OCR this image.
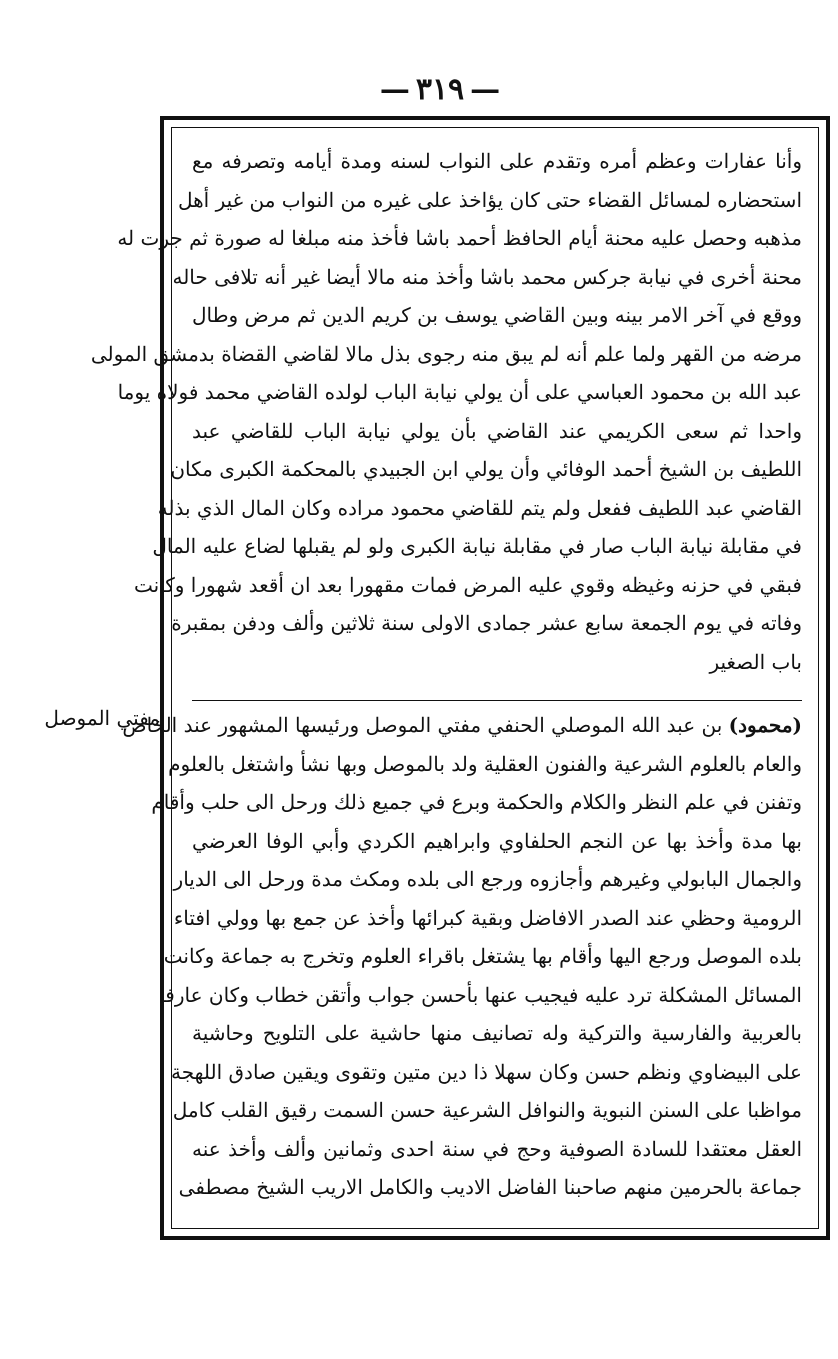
— ٣١٩ —
مفتي الموصل
وأنا عفارات وعظم أمره وتقدم على النواب لسنه ومدة أيامه وتصرفه مع
استحضاره لمسائل القضاء حتى كان يؤاخذ على غيره من النواب من غير أهل
مذهبه وحصل عليه محنة أيام الحافظ أحمد باشا فأخذ منه مبلغا له صورة ثم جرت له
محنة أخرى في نيابة جركس محمد باشا وأخذ منه مالا أيضا غير أنه تلافى حاله
ووقع في آخر الامر بينه وبين القاضي يوسف بن كريم الدين ثم مرض وطال
مرضه من القهر ولما علم أنه لم يبق منه رجوى بذل مالا لقاضي القضاة بدمشق المولى
عبد الله بن محمود العباسي على أن يولي نيابة الباب لولده القاضي محمد فولاه يوما
واحدا ثم سعى الكريمي عند القاضي بأن يولي نيابة الباب للقاضي عبد
اللطيف بن الشيخ أحمد الوفائي وأن يولي ابن الجبيدي بالمحكمة الكبرى مكان
القاضي عبد اللطيف ففعل ولم يتم للقاضي محمود مراده وكان المال الذي بذله
في مقابلة نيابة الباب صار في مقابلة نيابة الكبرى ولو لم يقبلها لضاع عليه المال
فبقي في حزنه وغيظه وقوي عليه المرض فمات مقهورا بعد ان أقعد شهورا وكانت
وفاته في يوم الجمعة سابع عشر جمادى الاولى سنة ثلاثين وألف ودفن بمقبرة
باب الصغير
(محمود) بن عبد الله الموصلي الحنفي مفتي الموصل ورئيسها المشهور عند الخاص
والعام بالعلوم الشرعية والفنون العقلية ولد بالموصل وبها نشأ واشتغل بالعلوم
وتفنن في علم النظر والكلام والحكمة وبرع في جميع ذلك ورحل الى حلب وأقام
بها مدة وأخذ بها عن النجم الحلفاوي وابراهيم الكردي وأبي الوفا العرضي
والجمال البابولي وغيرهم وأجازوه ورجع الى بلده ومكث مدة ورحل الى الديار
الرومية وحظي عند الصدر الافاضل وبقية كبرائها وأخذ عن جمع بها وولي افتاء
بلده الموصل ورجع اليها وأقام بها يشتغل باقراء العلوم وتخرج به جماعة وكانت
المسائل المشكلة ترد عليه فيجيب عنها بأحسن جواب وأتقن خطاب وكان عارفا
بالعربية والفارسية والتركية وله تصانيف منها حاشية على التلويح وحاشية
على البيضاوي ونظم حسن وكان سهلا ذا دين متين وتقوى ويقين صادق اللهجة
مواظبا على السنن النبوية والنوافل الشرعية حسن السمت رقيق القلب كامل
العقل معتقدا للسادة الصوفية وحج في سنة احدى وثمانين وألف وأخذ عنه
جماعة بالحرمين منهم صاحبنا الفاضل الاديب والكامل الاريب الشيخ مصطفى
